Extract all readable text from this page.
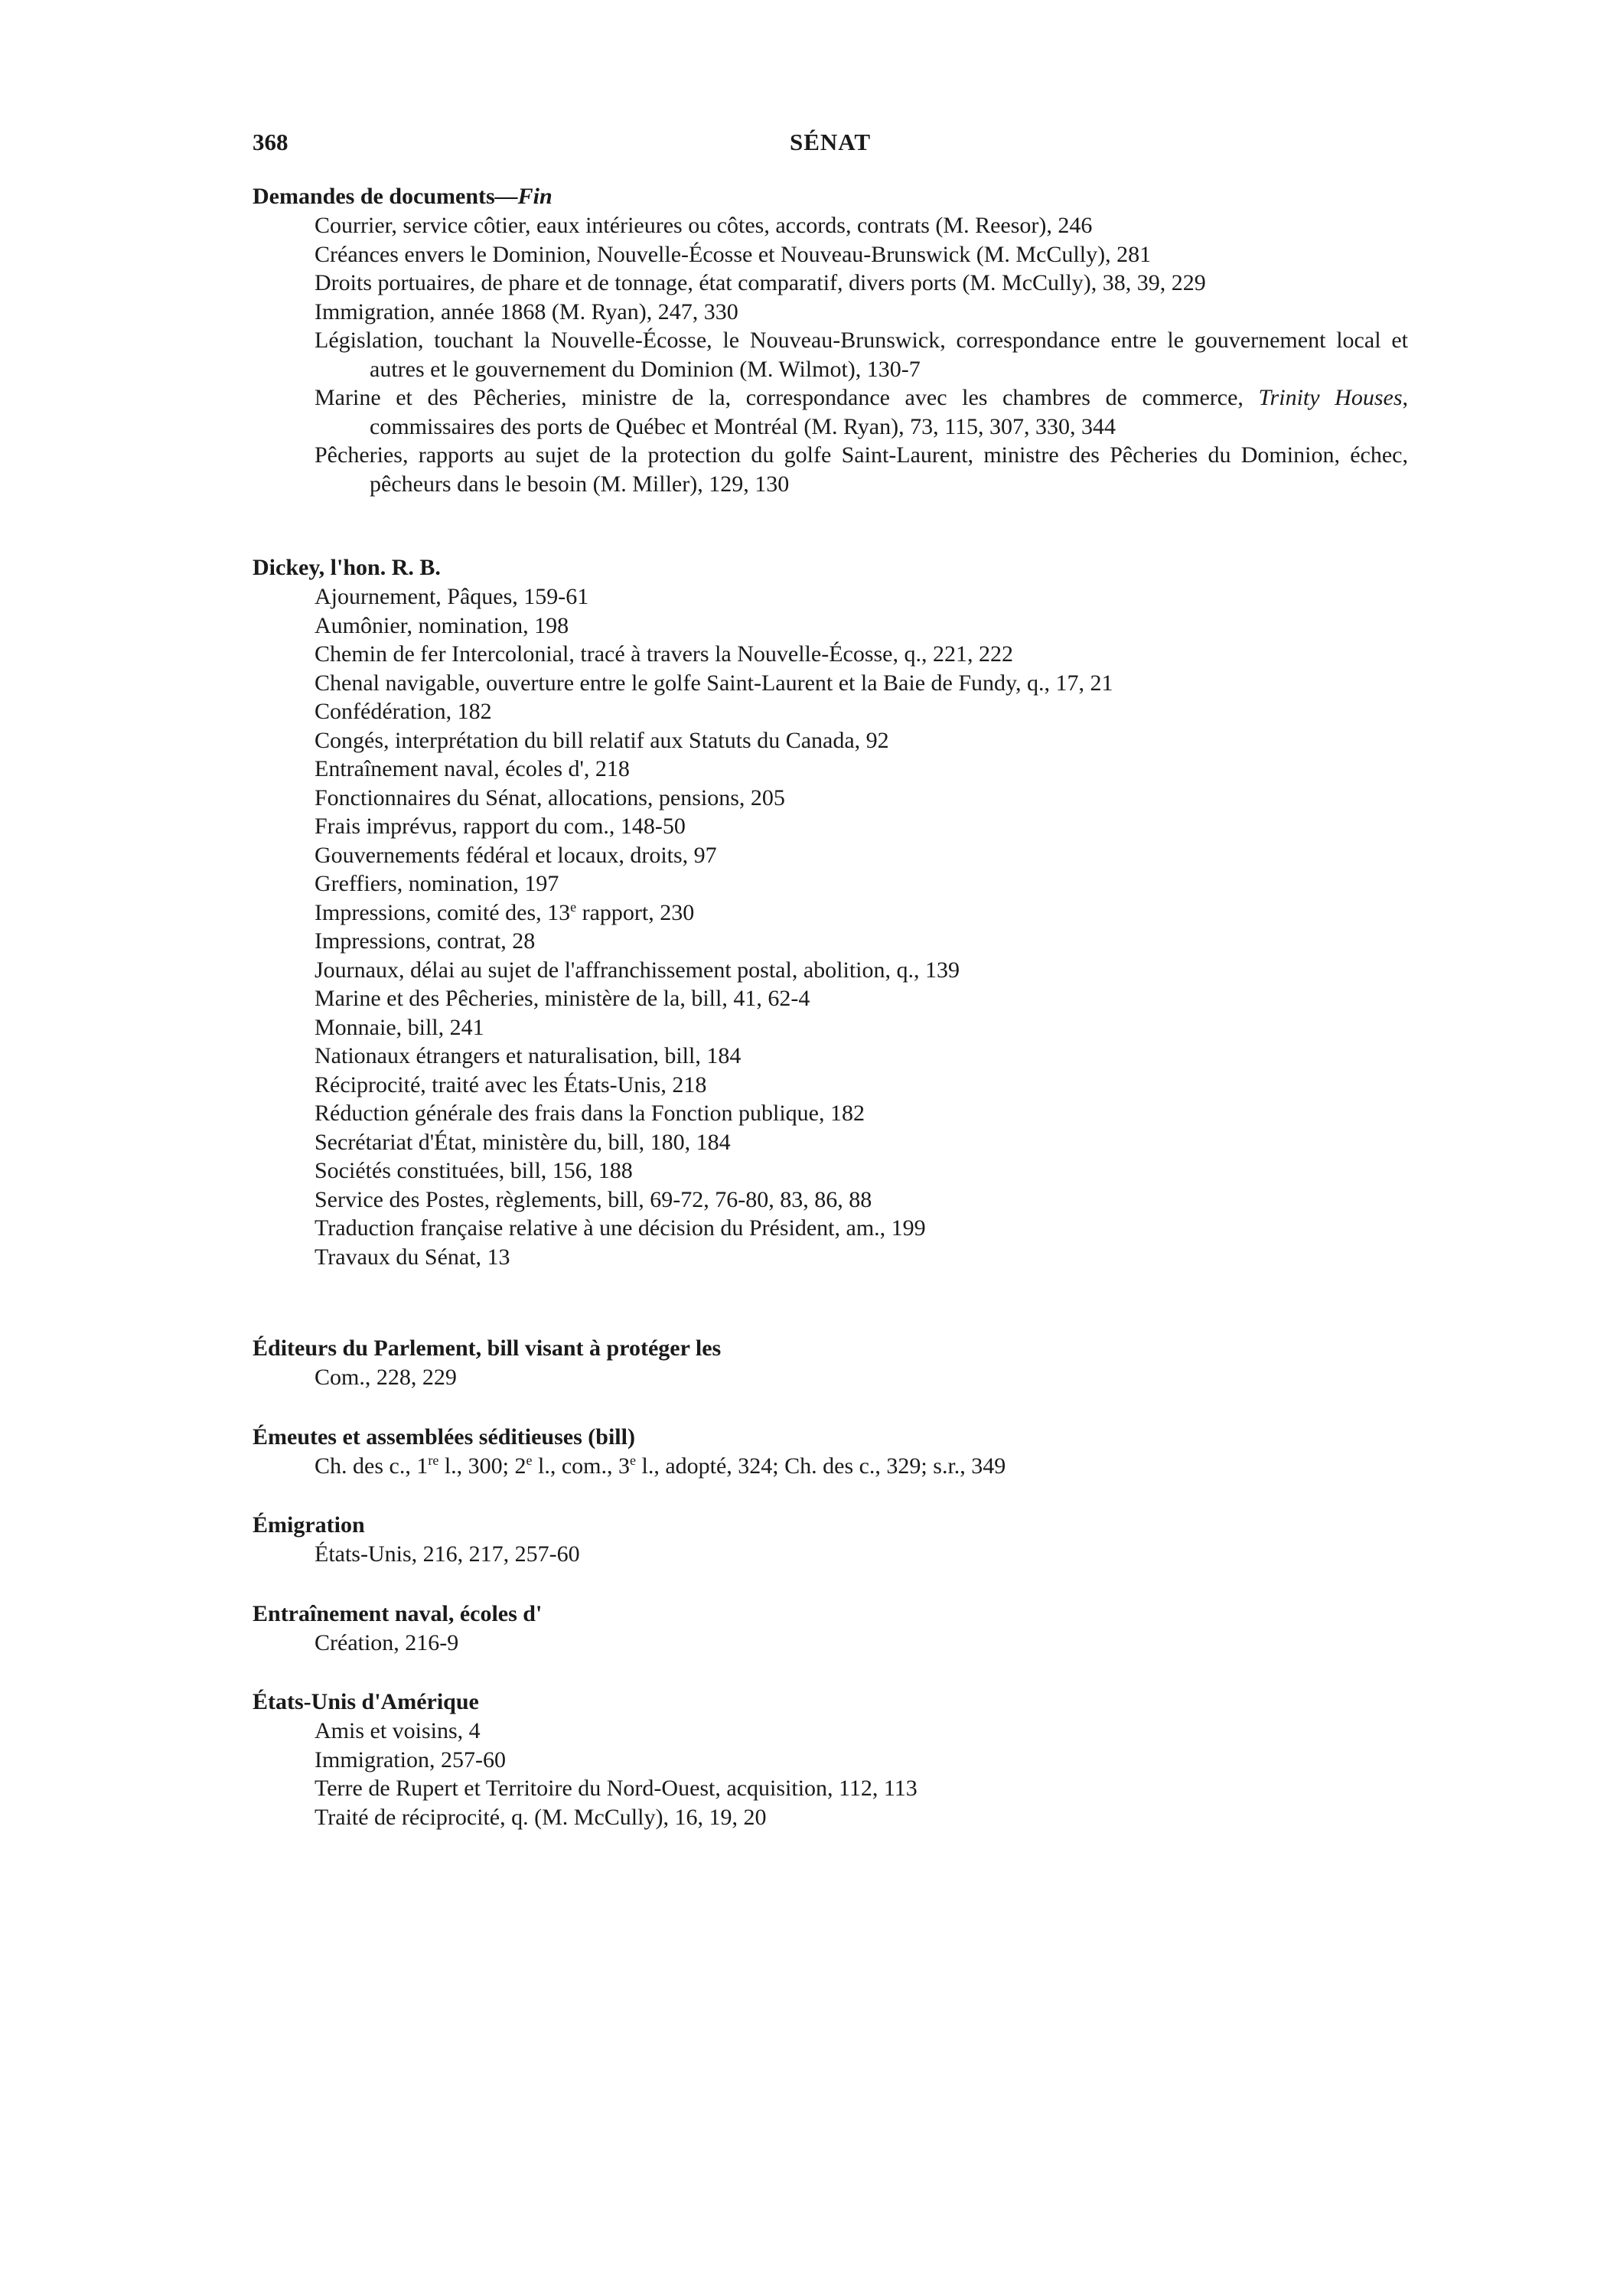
368	SÉNAT

Demandes de documents—Fin

Courrier, service côtier, eaux intérieures ou côtes, accords, contrats (M. Reesor), 246
Créances envers le Dominion, Nouvelle-Écosse et Nouveau-Brunswick (M. McCully), 281
Droits portuaires, de phare et de tonnage, état comparatif, divers ports (M. McCully), 38, 39, 229
Immigration, année 1868 (M. Ryan), 247, 330
Législation, touchant la Nouvelle-Écosse, le Nouveau-Brunswick, correspondance entre le gouvernement local et autres et le gouvernement du Dominion (M. Wilmot), 130-7
Marine et des Pêcheries, ministre de la, correspondance avec les chambres de commerce, Trinity Houses, commissaires des ports de Québec et Montréal (M. Ryan), 73, 115, 307, 330, 344
Pêcheries, rapports au sujet de la protection du golfe Saint-Laurent, ministre des Pêcheries du Dominion, échec, pêcheurs dans le besoin (M. Miller), 129, 130

Dickey, l'hon. R. B.

Ajournement, Pâques, 159-61
Aumônier, nomination, 198
Chemin de fer Intercolonial, tracé à travers la Nouvelle-Écosse, q., 221, 222
Chenal navigable, ouverture entre le golfe Saint-Laurent et la Baie de Fundy, q., 17, 21
Confédération, 182
Congés, interprétation du bill relatif aux Statuts du Canada, 92
Entraînement naval, écoles d', 218
Fonctionnaires du Sénat, allocations, pensions, 205
Frais imprévus, rapport du com., 148-50
Gouvernements fédéral et locaux, droits, 97
Greffiers, nomination, 197
Impressions, comité des, 13e rapport, 230
Impressions, contrat, 28
Journaux, délai au sujet de l'affranchissement postal, abolition, q., 139
Marine et des Pêcheries, ministère de la, bill, 41, 62-4
Monnaie, bill, 241
Nationaux étrangers et naturalisation, bill, 184
Réciprocité, traité avec les États-Unis, 218
Réduction générale des frais dans la Fonction publique, 182
Secrétariat d'État, ministère du, bill, 180, 184
Sociétés constituées, bill, 156, 188
Service des Postes, règlements, bill, 69-72, 76-80, 83, 86, 88
Traduction française relative à une décision du Président, am., 199
Travaux du Sénat, 13

Éditeurs du Parlement, bill visant à protéger les

Com., 228, 229

Émeutes et assemblées séditieuses (bill)

Ch. des c., 1re l., 300; 2e l., com., 3e l., adopté, 324; Ch. des c., 329; s.r., 349

Émigration

États-Unis, 216, 217, 257-60

Entraînement naval, écoles d'

Création, 216-9

États-Unis d'Amérique

Amis et voisins, 4
Immigration, 257-60
Terre de Rupert et Territoire du Nord-Ouest, acquisition, 112, 113
Traité de réciprocité, q. (M. McCully), 16, 19, 20
